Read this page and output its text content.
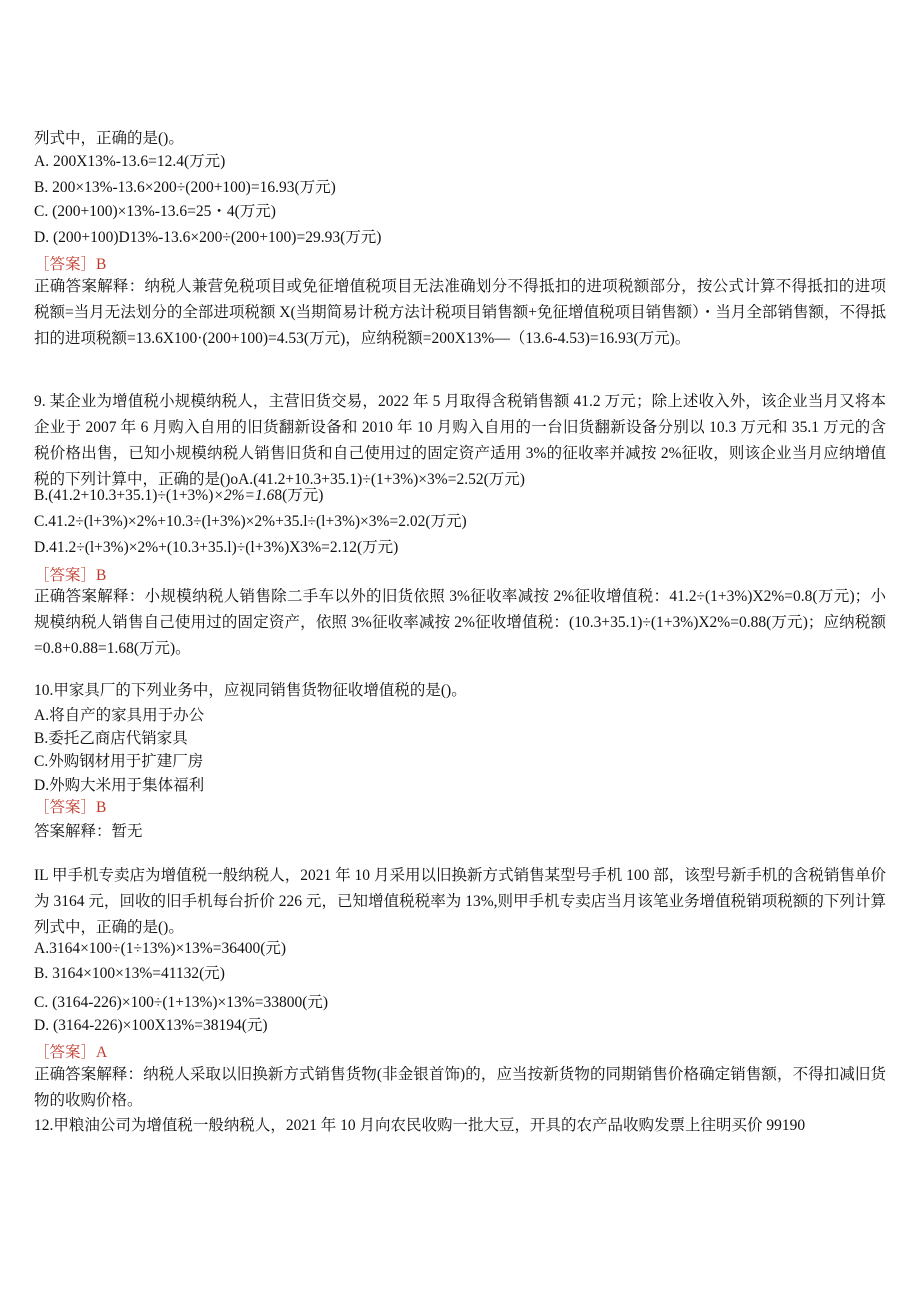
列式中，正确的是()。
A. 200X13%-13.6=12.4(万元)
B. 200×13%-13.6×200÷(200+100)=16.93(万元)
C. (200+100)×13%-13.6=25・4(万元)
D. (200+100)D13%-13.6×200÷(200+100)=29.93(万元)
［答案］B
正确答案解释：纳税人兼营免税项目或免征增值税项目无法准确划分不得抵扣的进项税额部分，按公式计算不得抵扣的进项税额=当月无法划分的全部进项税额 X(当期简易计税方法计税项目销售额+免征增值税项目销售额）・当月全部销售额，不得抵扣的进项税额=13.6X100·(200+100)=4.53(万元)，应纳税额=200X13%—（13.6-4.53)=16.93(万元)。
9. 某企业为增值税小规模纳税人，主营旧货交易，2022 年 5 月取得含税销售额 41.2 万元；除上述收入外，该企业当月又将本企业于 2007 年 6 月购入自用的旧货翻新设备和 2010 年 10 月购入自用的一台旧货翻新设备分别以 10.3 万元和 35.1 万元的含税价格出售，已知小规模纳税人销售旧货和自己使用过的固定资产适用 3%的征收率并减按 2%征收，则该企业当月应纳增值税的下列计算中，正确的是()oA.(41.2+10.3+35.1)÷(1+3%)×3%=2.52(万元)
B.(41.2+10.3+35.1)÷(1+3%)×2%=1.68(万元)
C.41.2÷(l+3%)×2%+10.3÷(l+3%)×2%+35.l÷(l+3%)×3%=2.02(万元)
D.41.2÷(l+3%)×2%+(10.3+35.l)÷(l+3%)X3%=2.12(万元)
［答案］B
正确答案解释：小规模纳税人销售除二手车以外的旧货依照 3%征收率减按 2%征收增值税：41.2÷(1+3%)X2%=0.8(万元)；小规模纳税人销售自己使用过的固定资产，依照 3%征收率减按 2%征收增值税：(10.3+35.1)÷(1+3%)X2%=0.88(万元)；应纳税额=0.8+0.88=1.68(万元)。
10.甲家具厂的下列业务中，应视同销售货物征收增值税的是()。
A.将自产的家具用于办公
B.委托乙商店代销家具
C.外购钢材用于扩建厂房
D.外购大米用于集体福利
［答案］B
答案解释：暂无
IL 甲手机专卖店为增值税一般纳税人，2021 年 10 月采用以旧换新方式销售某型号手机 100 部，该型号新手机的含税销售单价为 3164 元，回收的旧手机每台折价 226 元，已知增值税税率为 13%,则甲手机专卖店当月该笔业务增值税销项税额的下列计算列式中，正确的是()。
A.3164×100÷(1÷13%)×13%=36400(元)
B. 3164×100×13%=41132(元)
C. (3164-226)×100÷(1+13%)×13%=33800(元)
D. (3164-226)×100X13%=38194(元)
［答案］A
正确答案解释：纳税人采取以旧换新方式销售货物(非金银首饰)的，应当按新货物的同期销售价格确定销售额，不得扣减旧货物的收购价格。
12.甲粮油公司为增值税一般纳税人，2021 年 10 月向农民收购一批大豆，开具的农产品收购发票上往明买价 99190
